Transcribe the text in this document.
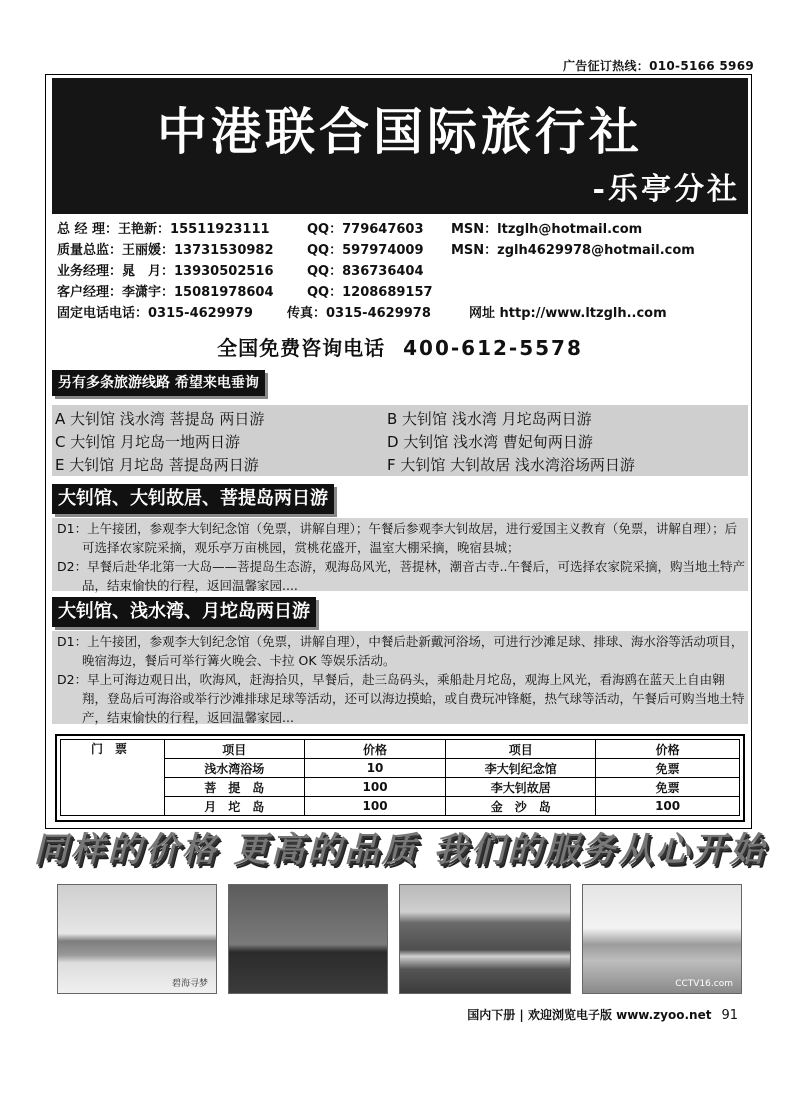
广告征订热线：010-5166 5969
中港联合国际旅行社
-乐亭分社
总 经 理：王艳新：15511923111	QQ：779647603 MSN：ltzglh@hotmail.com
质量总监：王丽媛：13731530982	QQ：597974009 MSN：zglh4629978@hotmail.com
业务经理：晁　月：13930502516	QQ：836736404
客户经理：李潇宇：15081978604	QQ：1208689157
固定电话电话：0315-4629979	传真：0315-4629978	网址 http://www.ltzglh..com
全国免费咨询电话 400-612-5578
另有多条旅游线路 希望来电垂询
A 大钊馆 浅水湾 菩提岛 两日游	B 大钊馆 浅水湾 月坨岛两日游
C 大钊馆 月坨岛一地两日游	D 大钊馆 浅水湾 曹妃甸两日游
E 大钊馆 月坨岛 菩提岛两日游	F 大钊馆 大钊故居 浅水湾浴场两日游
大钊馆、大钊故居、菩提岛两日游

D1：上午接团，参观李大钊纪念馆（免票，讲解自理）；午餐后参观李大钊故居，进行爱国主义教育（免票，讲解自理）；后可选择农家院采摘，观乐亭万亩桃园，赏桃花盛开，温室大棚采摘，晚宿县城；

D2：早餐后赴华北第一大岛——菩提岛生态游，观海岛风光，菩提林，潮音古寺..午餐后，可选择农家院采摘，购当地土特产品，结束愉快的行程，返回温馨家园....

大钊馆、浅水湾、月坨岛两日游

D1：上午接团，参观李大钊纪念馆（免票，讲解自理），中餐后赴新戴河浴场，可进行沙滩足球、排球、海水浴等活动项目，晚宿海边，餐后可举行篝火晚会、卡拉 OK 等娱乐活动。

D2：早上可海边观日出，吹海风，赶海拾贝，早餐后，赴三岛码头，乘船赴月坨岛，观海上风光，看海鸥在蓝天上自由翱翔，登岛后可海浴或举行沙滩排球足球等活动，还可以海边摸蛤，或自费玩冲锋艇，热气球等活动，午餐后可购当地土特产，结束愉快的行程，返回温馨家园...

门　票	项目	价格	项目	价格
	浅水湾浴场	10	李大钊纪念馆	免票
	菩　提　岛	100	李大钊故居	免票
	月　坨　岛	100	金　沙　岛	100
同样的价格 更高的品质 我们的服务从心开始
碧海寻梦	CCTV16.com
国内下册 | 欢迎浏览电子版 www.zyoo.net 91
